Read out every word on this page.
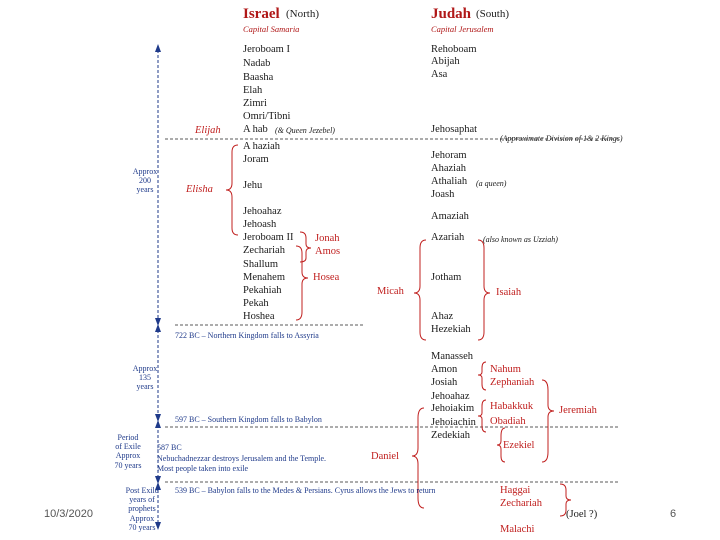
Israel (North)
Capital Samaria
Judah (South)
Capital Jerusalem
Jeroboam I
Nadab
Baasha
Elah
Zimri
Omri/Tibni
A hab (& Queen Jezebel)
A haziah
Joram
Jehu
Jehoahaz
Jehoash
Jeroboam II
Zechariah
Shallum
Menahem
Pekahiah
Pekah
Hoshea
Rehoboam
Abijah
Asa
Jehosaphat
(Approximate Division of 1& 2 Kings)
Jehoram
Ahaziah
Athaliah (a queen)
Joash
Amaziah
Azariah (also known as Uzziah)
Jotham
Ahaz
Hezekiah
Manasseh
Amon
Josiah
Jehoahaz
Jehoiakim
Jehoiachin
Zedekiah
Elijah
Elisha
Jonah
Amos
Hosea
Micah	Isaiah
Nahum
Zephaniah
Habakkuk
Obadiah
Jeremiah
Ezekiel
Daniel
Haggai
Zechariah
(Joel ?)
Malachi
Approx
200
years
Approx
135
years
Period
of Exile
Approx
70 years
Post Exile
years of
prophets
Approx
70 years
722 BC – Northern Kingdom falls to Assyria
597 BC – Southern Kingdom falls to Babylon
587 BC
Nebuchadnezzar destroys Jerusalem and the Temple.
Most people taken into exile
539 BC – Babylon falls to the Medes & Persians. Cyrus allows the Jews to return
10/3/2020	6
